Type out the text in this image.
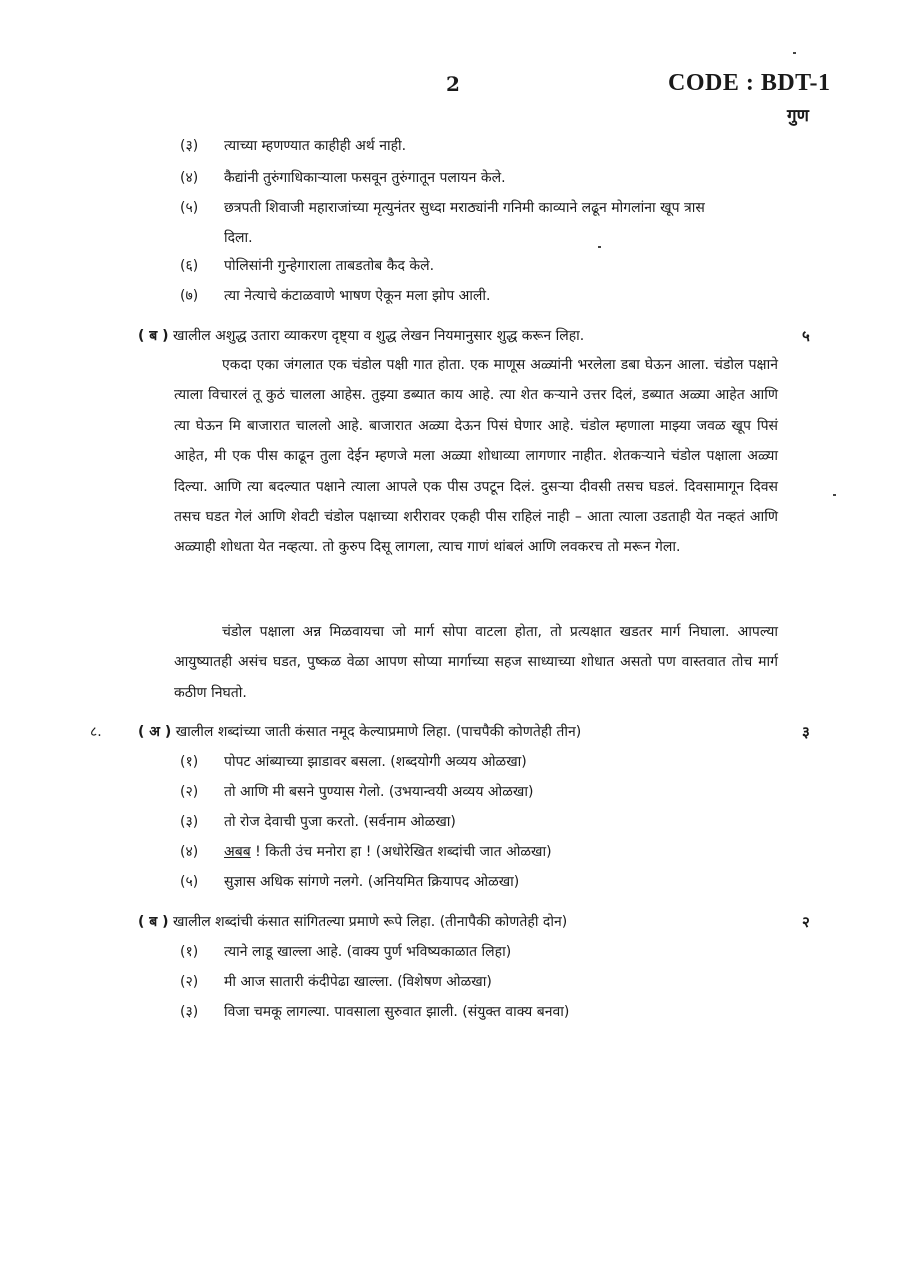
2	CODE : BDT-1
गुण
(३) त्याच्या म्हणण्यात काहीही अर्थ नाही.
(४) कैद्यांनी तुरुंगाधिकाऱ्याला फसवून तुरुंगातून पलायन केले.
(५) छत्रपती शिवाजी महाराजांच्या मृत्युनंतर सुध्दा मराठ्यांनी गनिमी काव्याने लढून मोगलांना खूप त्रास
दिला.
(६) पोलिसांनी गुन्हेगाराला ताबडतोब कैद केले.
(७) त्या नेत्याचे कंटाळवाणे भाषण ऐकून मला झोप आली.
( ब ) खालील अशुद्ध उतारा व्याकरण दृष्ट्या व शुद्ध लेखन नियमानुसार शुद्ध करून लिहा.	५
एकदा एका जंगलात एक चंडोल पक्षी गात होता. एक माणूस अळ्यांनी भरलेला डबा घेऊन आला. चंडोल पक्षाने त्याला विचारलं तू कुठं चालला आहेस. तुझ्या डब्यात काय आहे. त्या शेत कऱ्याने उत्तर दिलं, डब्यात अळ्या आहेत आणि त्या घेऊन मि बाजारात चाललो आहे. बाजारात अळ्या देऊन पिसं घेणार आहे. चंडोल म्हणाला माझ्या जवळ खूप पिसं आहेत, मी एक पीस काढून तुला देईन म्हणजे मला अळ्या शोधाव्या लागणार नाहीत. शेतकऱ्याने चंडोल पक्षाला अळ्या दिल्या. आणि त्या बदल्यात पक्षाने त्याला आपले एक पीस उपटून दिलं. दुसऱ्या दीवसी तसच घडलं. दिवसामागून दिवस तसच घडत गेलं आणि शेवटी चंडोल पक्षाच्या शरीरावर एकही पीस राहिलं नाही – आता त्याला उडताही येत नव्हतं आणि अळ्याही शोधता येत नव्हत्या. तो कुरुप दिसू लागला, त्याच गाणं थांबलं आणि लवकरच तो मरून गेला.
चंडोल पक्षाला अन्न मिळवायचा जो मार्ग सोपा वाटला होता, तो प्रत्यक्षात खडतर मार्ग निघाला. आपल्या आयुष्यातही असंच घडत, पुष्कळ वेळा आपण सोप्या मार्गाच्या सहज साध्याच्या शोधात असतो पण वास्तवात तोच मार्ग कठीण निघतो.
८.	( अ ) खालील शब्दांच्या जाती कंसात नमूद केल्याप्रमाणे लिहा. (पाचपैकी कोणतेही तीन)	३
(१) पोपट आंब्याच्या झाडावर बसला. (शब्दयोगी अव्यय ओळखा)
(२) तो आणि मी बसने पुण्यास गेलो. (उभयान्वयी अव्यय ओळखा)
(३) तो रोज देवाची पुजा करतो. (सर्वनाम ओळखा)
(४) अबब ! किती उंच मनोरा हा ! (अधोरेखित शब्दांची जात ओळखा)
(५) सुज्ञास अधिक सांगणे नलगे. (अनियमित क्रियापद ओळखा)
( ब ) खालील शब्दांची कंसात सांगितल्या प्रमाणे रूपे लिहा. (तीनापैकी कोणतेही दोन)	२
(१) त्याने लाडू खाल्ला आहे. (वाक्य पुर्ण भविष्यकाळात लिहा)
(२) मी आज सातारी कंदीपेढा खाल्ला. (विशेषण ओळखा)
(३) विजा चमकू लागल्या. पावसाला सुरुवात झाली. (संयुक्त वाक्य बनवा)
